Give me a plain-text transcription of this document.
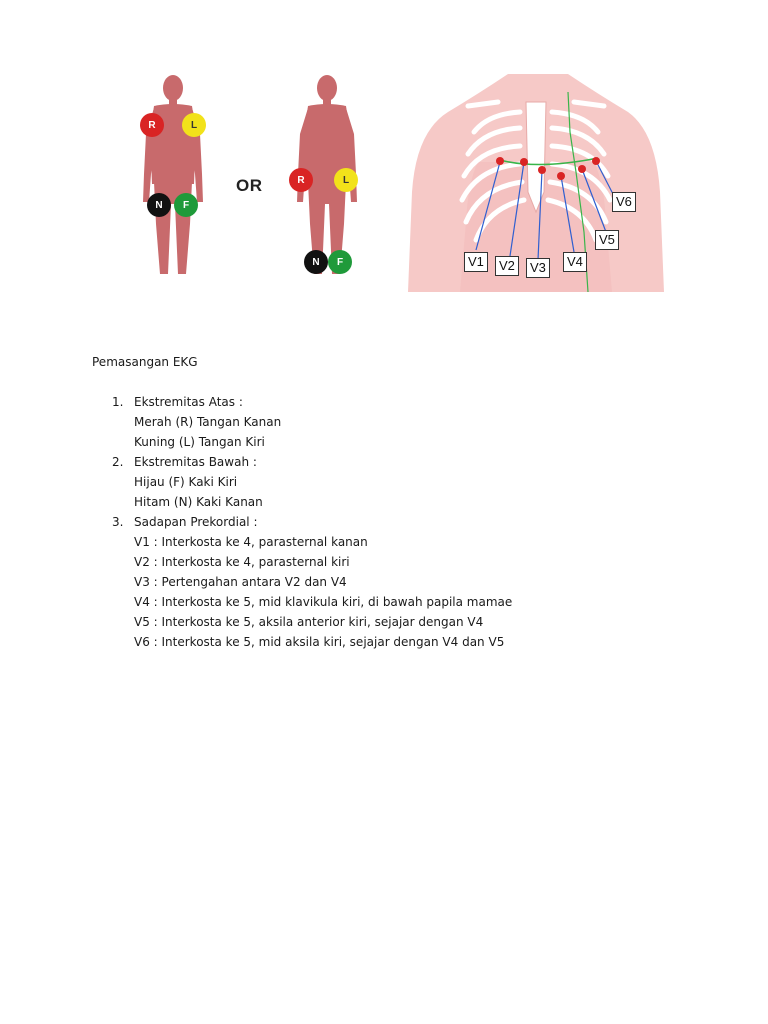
R	L
N	F
OR	R	L
N	F	V1	V2	V3	V4
V5
V6
Pemasangan EKG
1. Ekstremitas Atas :
Merah (R) Tangan Kanan
Kuning (L) Tangan Kiri
2. Ekstremitas Bawah :
Hijau (F) Kaki Kiri
Hitam (N) Kaki Kanan
3. Sadapan Prekordial :
V1 : Interkosta ke 4, parasternal kanan
V2 : Interkosta ke 4, parasternal kiri
V3 : Pertengahan antara V2 dan V4
V4 : Interkosta ke 5, mid klavikula kiri, di bawah papila mamae
V5 : Interkosta ke 5, aksila anterior kiri, sejajar dengan V4
V6 : Interkosta ke 5, mid aksila kiri, sejajar dengan V4 dan V5
